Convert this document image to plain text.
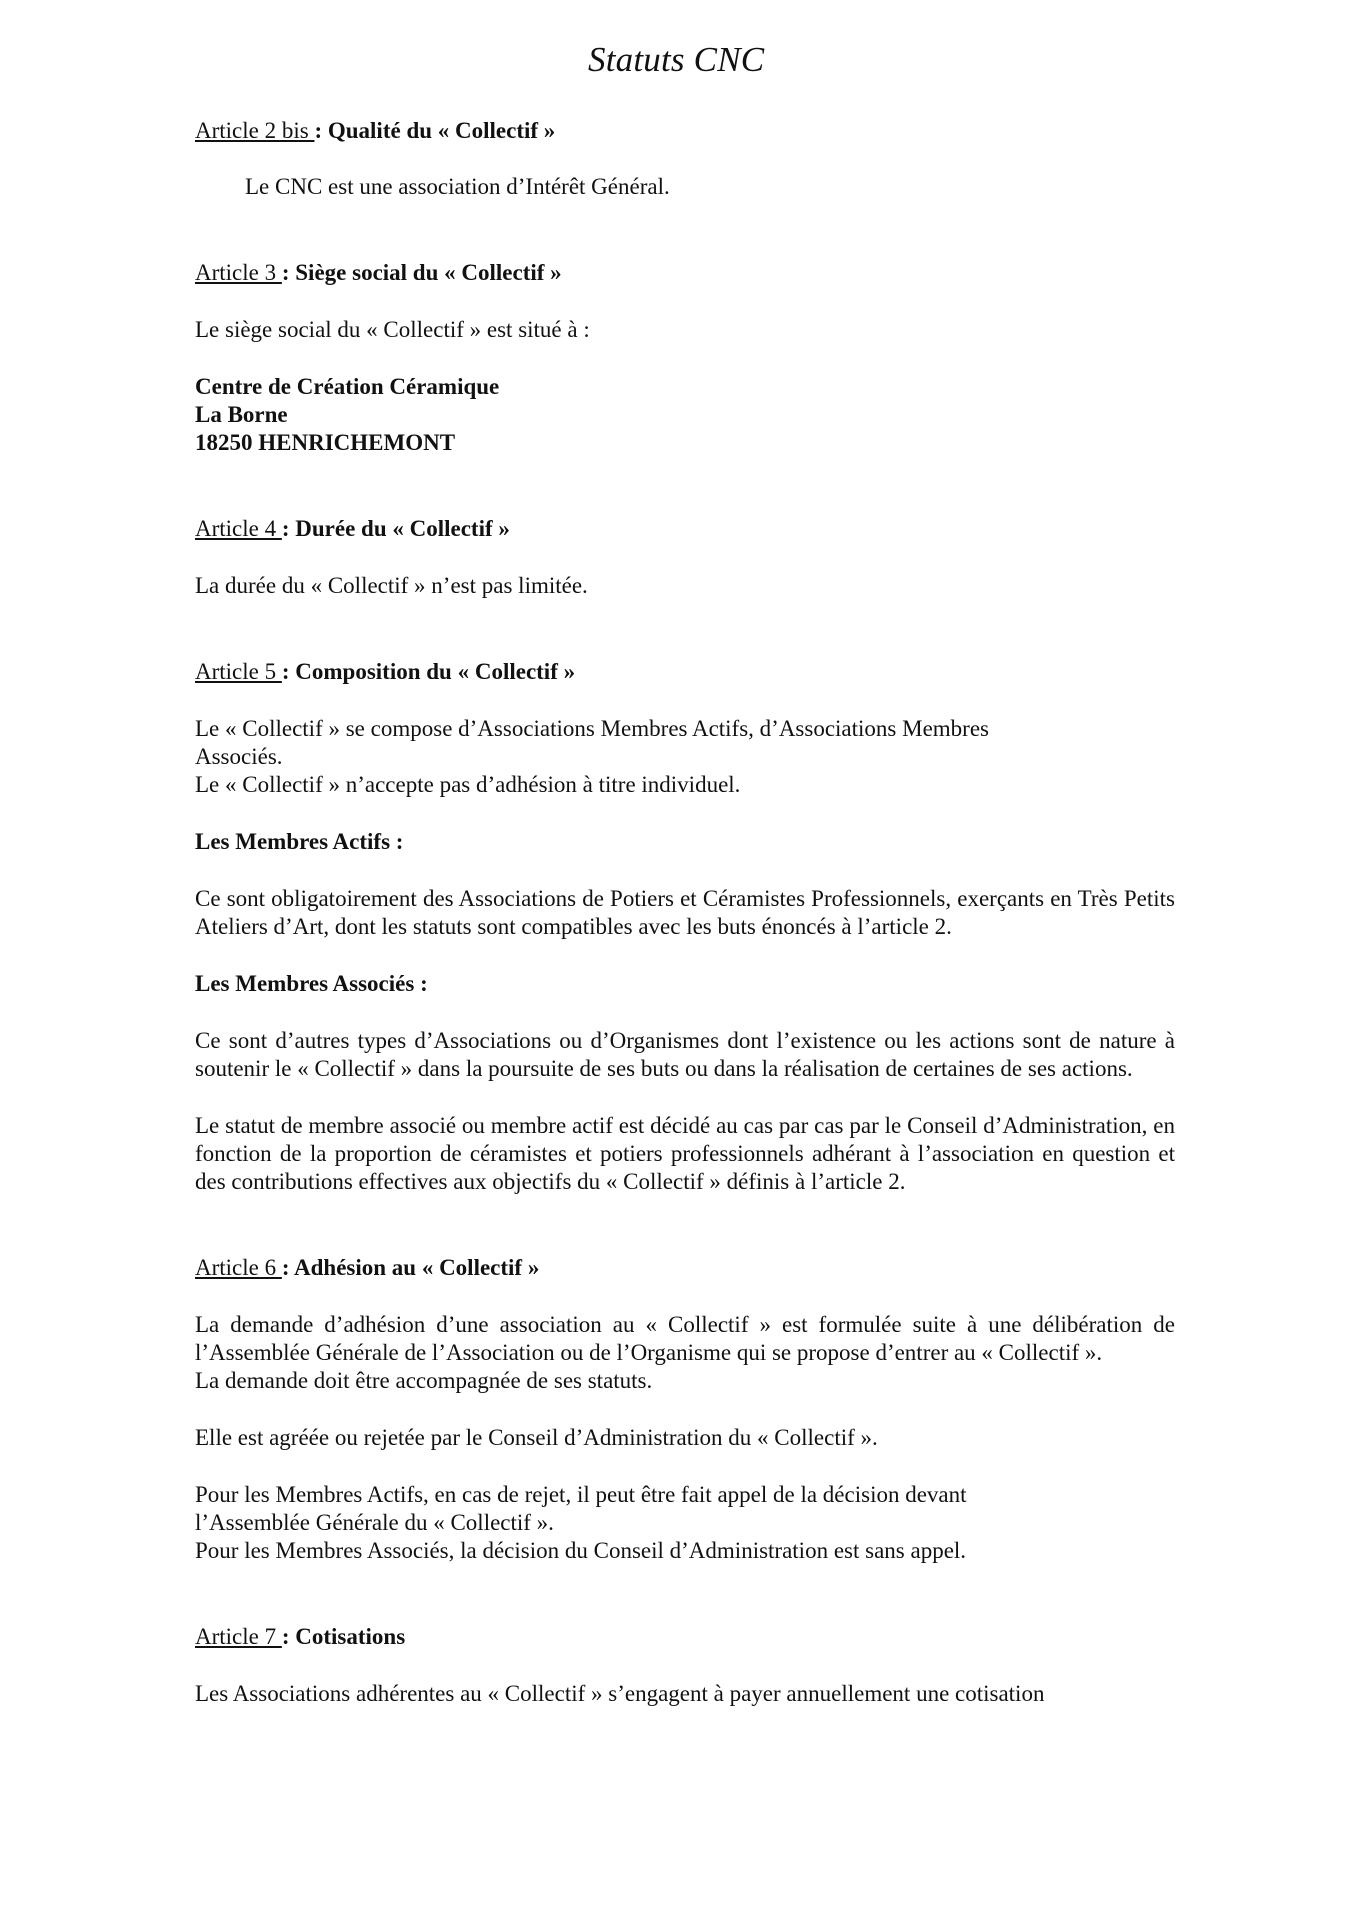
Statuts CNC

Article 2 bis : Qualité du « Collectif »

Le CNC est une association d’Intérêt Général.

Article 3 : Siège social du « Collectif »

Le siège social du « Collectif » est situé à :

Centre de Création Céramique

La Borne

18250 HENRICHEMONT

Article 4 : Durée du « Collectif »

La durée du « Collectif » n’est pas limitée.

Article 5 : Composition du « Collectif »

Le « Collectif » se compose d’Associations Membres Actifs, d’Associations Membres

Associés.

Le « Collectif » n’accepte pas d’adhésion à titre individuel.

Les Membres Actifs :

Ce sont obligatoirement des Associations de Potiers et Céramistes Professionnels, exerçants en Très Petits Ateliers d’Art, dont les statuts sont compatibles avec les buts énoncés à l’article 2.

Les Membres Associés :

Ce sont d’autres types d’Associations ou d’Organismes dont l’existence ou les actions sont de nature à soutenir le « Collectif » dans la poursuite de ses buts ou dans la réalisation de certaines de ses actions.

Le statut de membre associé ou membre actif est décidé au cas par cas par le Conseil d’Administration, en fonction de la proportion de céramistes et potiers professionnels adhérant à l’association en question et des contributions effectives aux objectifs du « Collectif » définis à l’article 2.

Article 6 : Adhésion au « Collectif »

La demande d’adhésion d’une association au « Collectif » est formulée suite à une délibération de l’Assemblée Générale de l’Association ou de l’Organisme qui se propose d’entrer au « Collectif ».

La demande doit être accompagnée de ses statuts.

Elle est agréée ou rejetée par le Conseil d’Administration du « Collectif ».

Pour les Membres Actifs, en cas de rejet, il peut être fait appel de la décision devant

l’Assemblée Générale du « Collectif ».

Pour les Membres Associés, la décision du Conseil d’Administration est sans appel.

Article 7 : Cotisations

Les Associations adhérentes au « Collectif » s’engagent à payer annuellement une cotisation
